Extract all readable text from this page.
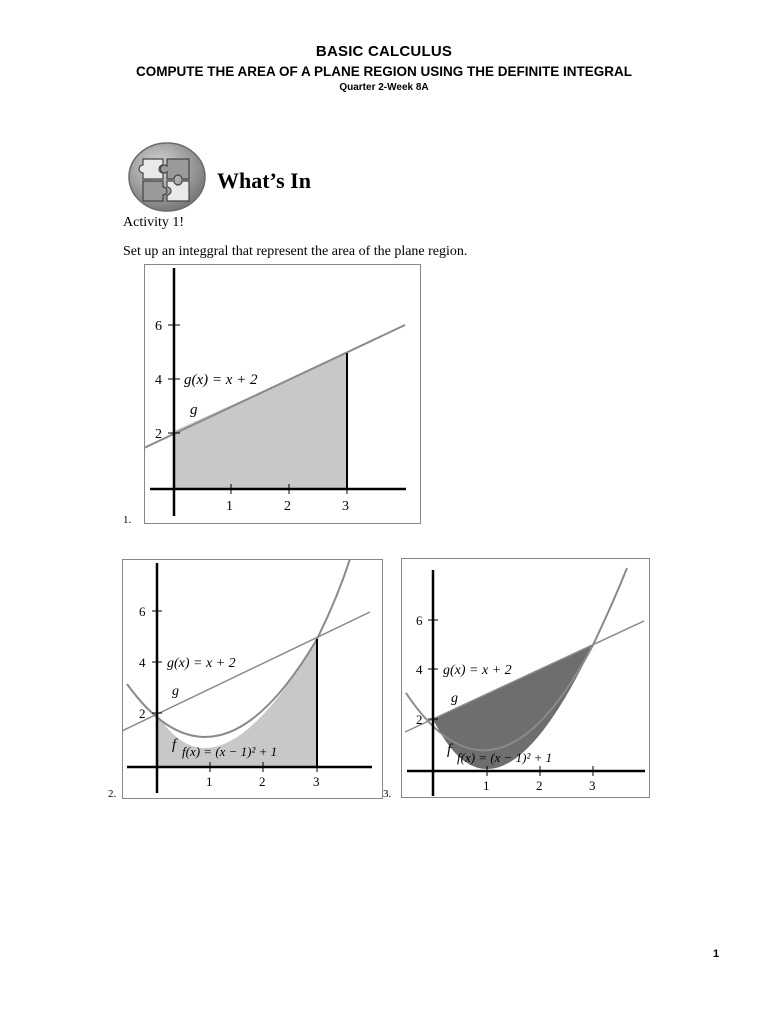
BASIC CALCULUS
COMPUTE THE AREA OF A PLANE REGION USING THE DEFINITE INTEGRAL
Quarter 2-Week 8A
What’s In
Activity 1!
Set up an integgral that represent the area of the plane region.
1.
6
4
2
1	2	3
g(x) = x + 2
g
2.
6
4
2
1	2	3
g(x) = x + 2
g
f f(x) = (x − 1)² + 1
3.
6
4
2
1	2	3
g(x) = x + 2
g
f f(x) = (x − 1)² + 1
1
